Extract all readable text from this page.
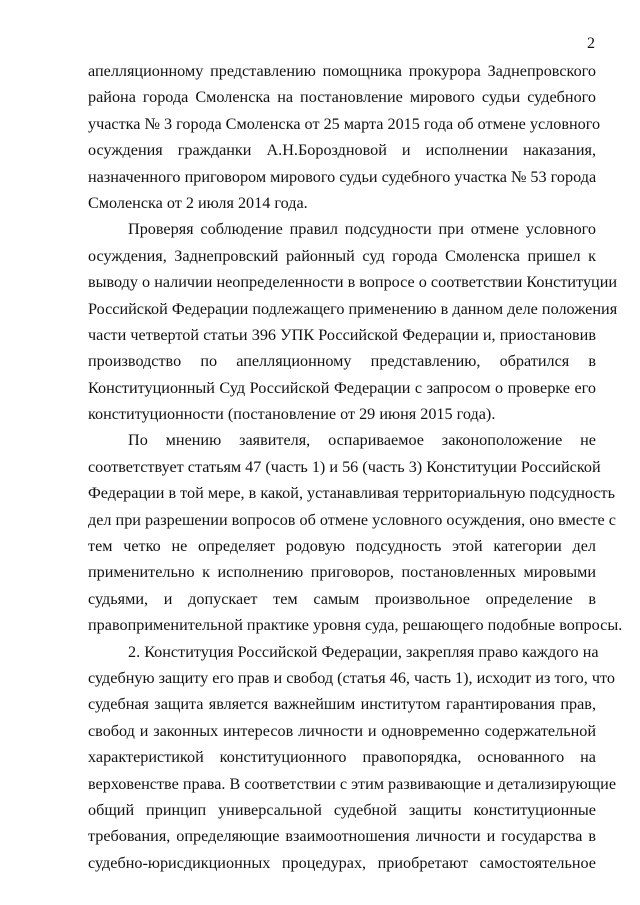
2
апелляционному представлению помощника прокурора Заднепровского
района города Смоленска на постановление мирового судьи судебного
участка № 3 города Смоленска от 25 марта 2015 года об отмене условного
осуждения гражданки А.Н.Бороздновой и исполнении наказания,
назначенного приговором мирового судьи судебного участка № 53 города
Смоленска от 2 июля 2014 года.
Проверяя соблюдение правил подсудности при отмене условного
осуждения, Заднепровский районный суд города Смоленска пришел к
выводу о наличии неопределенности в вопросе о соответствии Конституции
Российской Федерации подлежащего применению в данном деле положения
части четвертой статьи 396 УПК Российской Федерации и, приостановив
производство по апелляционному представлению, обратился в
Конституционный Суд Российской Федерации с запросом о проверке его
конституционности (постановление от 29 июня 2015 года).
По мнению заявителя, оспариваемое законоположение не
соответствует статьям 47 (часть 1) и 56 (часть 3) Конституции Российской
Федерации в той мере, в какой, устанавливая территориальную подсудность
дел при разрешении вопросов об отмене условного осуждения, оно вместе с
тем четко не определяет родовую подсудность этой категории дел
применительно к исполнению приговоров, постановленных мировыми
судьями, и допускает тем самым произвольное определение в
правоприменительной практике уровня суда, решающего подобные вопросы.
2. Конституция Российской Федерации, закрепляя право каждого на
судебную защиту его прав и свобод (статья 46, часть 1), исходит из того, что
судебная защита является важнейшим институтом гарантирования прав,
свобод и законных интересов личности и одновременно содержательной
характеристикой конституционного правопорядка, основанного на
верховенстве права. В соответствии с этим развивающие и детализирующие
общий принцип универсальной судебной защиты конституционные
требования, определяющие взаимоотношения личности и государства в
судебно-юрисдикционных процедурах, приобретают самостоятельное
